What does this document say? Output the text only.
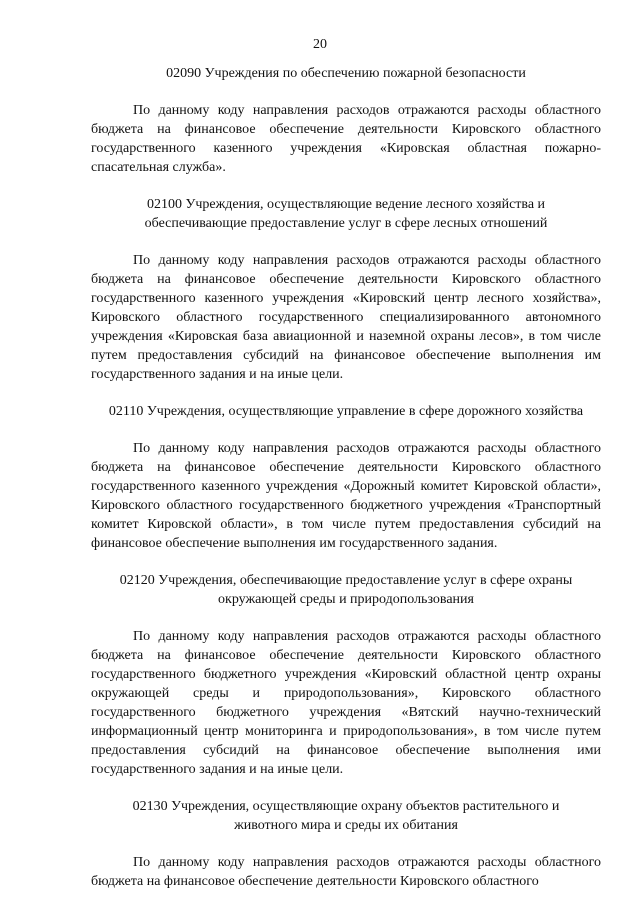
20

02090 Учреждения по обеспечению пожарной безопасности

По данному коду направления расходов отражаются расходы областного бюджета на финансовое обеспечение деятельности Кировского областного государственного казенного учреждения «Кировская областная пожарно-спасательная служба».

02100 Учреждения, осуществляющие ведение лесного хозяйства и обеспечивающие предоставление услуг в сфере лесных отношений

По данному коду направления расходов отражаются расходы областного бюджета на финансовое обеспечение деятельности Кировского областного государственного казенного учреждения «Кировский центр лесного хозяйства», Кировского областного государственного специализированного автономного учреждения «Кировская база авиационной и наземной охраны лесов», в том числе путем предоставления субсидий на финансовое обеспечение выполнения им государственного задания и на иные цели.

02110 Учреждения, осуществляющие управление в сфере дорожного хозяйства

По данному коду направления расходов отражаются расходы областного бюджета на финансовое обеспечение деятельности Кировского областного государственного казенного учреждения «Дорожный комитет Кировской области», Кировского областного государственного бюджетного учреждения «Транспортный комитет Кировской области», в том числе путем предоставления субсидий на финансовое обеспечение выполнения им государственного задания.

02120 Учреждения, обеспечивающие предоставление услуг в сфере охраны окружающей среды и природопользования

По данному коду направления расходов отражаются расходы областного бюджета на финансовое обеспечение деятельности Кировского областного государственного бюджетного учреждения «Кировский областной центр охраны окружающей среды и природопользования», Кировского областного государственного бюджетного учреждения «Вятский научно-технический информационный центр мониторинга и природопользования», в том числе путем предоставления субсидий на финансовое обеспечение выполнения ими государственного задания и на иные цели.

02130 Учреждения, осуществляющие охрану объектов растительного и животного мира и среды их обитания

По данному коду направления расходов отражаются расходы областного бюджета на финансовое обеспечение деятельности Кировского областного
